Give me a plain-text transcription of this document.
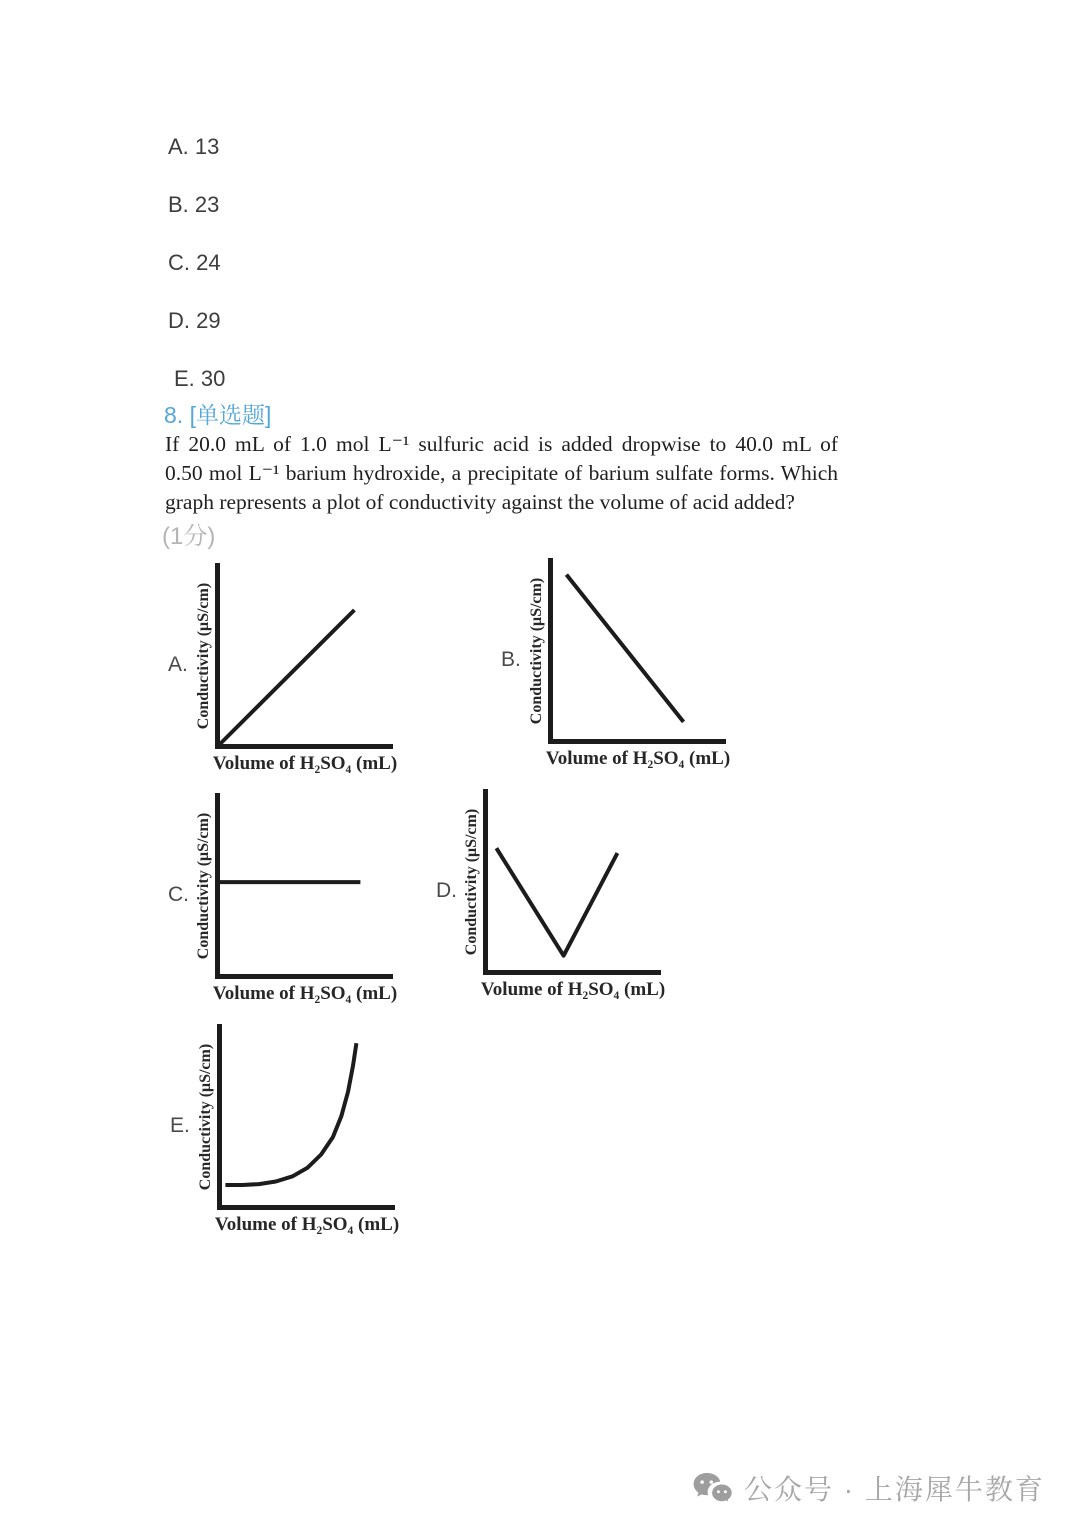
A. 13
B. 23
C. 24
D. 29
E. 30
8. [单选题]
If 20.0 mL of 1.0 mol L⁻¹ sulfuric acid is added dropwise to 40.0 mL of
0.50 mol L⁻¹ barium hydroxide, a precipitate of barium sulfate forms. Which
graph represents a plot of conductivity against the volume of acid added?
(1分)
A. Conductivity (μS/cm)
Volume of H₂SO₄ (mL)
B. Conductivity (μS/cm)
Volume of H₂SO₄ (mL)
C. Conductivity (μS/cm)
Volume of H₂SO₄ (mL)
D. Conductivity (μS/cm)
Volume of H₂SO₄ (mL)
E. Conductivity (μS/cm)
Volume of H₂SO₄ (mL)
公众号 · 上海犀牛教育
